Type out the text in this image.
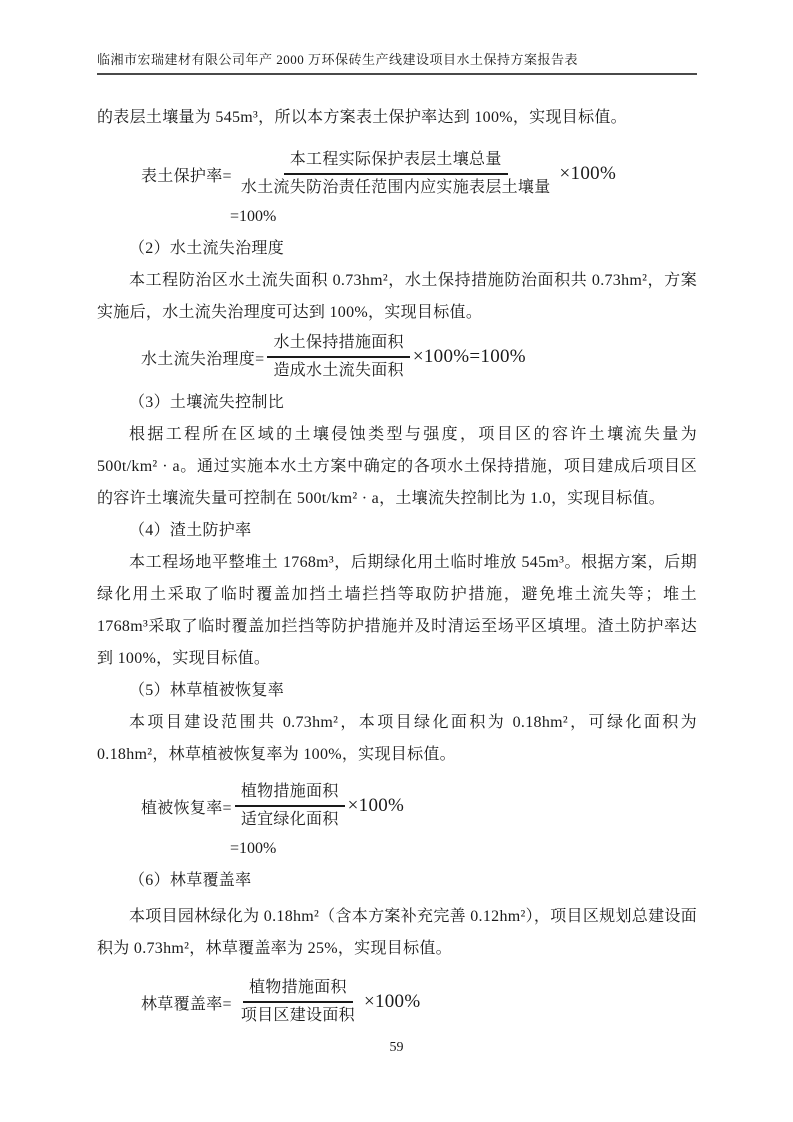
临湘市宏瑞建材有限公司年产 2000 万环保砖生产线建设项目水土保持方案报告表
的表层土壤量为 545m³，所以本方案表土保护率达到 100%，实现目标值。
表土保护率= $\frac{\text{本工程实际保护表层土壤总量}}{\text{水土流失防治责任范围内应实施表层土壤量}} \times 100\%$
=100%
（2）水土流失治理度
本工程防治区水土流失面积 0.73hm²，水土保持措施防治面积共 0.73hm²，方案实施后，水土流失治理度可达到 100%，实现目标值。
水土流失治理度= $\frac{\text{水土保持措施面积}}{\text{造成水土流失面积}} \times 100\%=100\%$
（3）土壤流失控制比
根据工程所在区域的土壤侵蚀类型与强度，项目区的容许土壤流失量为 500t/km² · a。通过实施本水土方案中确定的各项水土保持措施，项目建成后项目区的容许土壤流失量可控制在 500t/km² · a，土壤流失控制比为 1.0，实现目标值。
（4）渣土防护率
本工程场地平整堆土 1768m³，后期绿化用土临时堆放 545m³。根据方案，后期绿化用土采取了临时覆盖加挡土墙拦挡等取防护措施，避免堆土流失等；堆土 1768m³采取了临时覆盖加拦挡等防护措施并及时清运至场平区填埋。渣土防护率达到 100%，实现目标值。
（5）林草植被恢复率
本项目建设范围共 0.73hm²，本项目绿化面积为 0.18hm²，可绿化面积为 0.18hm²，林草植被恢复率为 100%，实现目标值。
植被恢复率= $\frac{\text{植物措施面积}}{\text{适宜绿化面积}} \times 100\%$
=100%
（6）林草覆盖率
本项目园林绿化为 0.18hm²（含本方案补充完善 0.12hm²），项目区规划总建设面积为 0.73hm²，林草覆盖率为 25%，实现目标值。
林草覆盖率= $\frac{\text{植物措施面积}}{\text{项目区建设面积}} \times 100\%$
59
